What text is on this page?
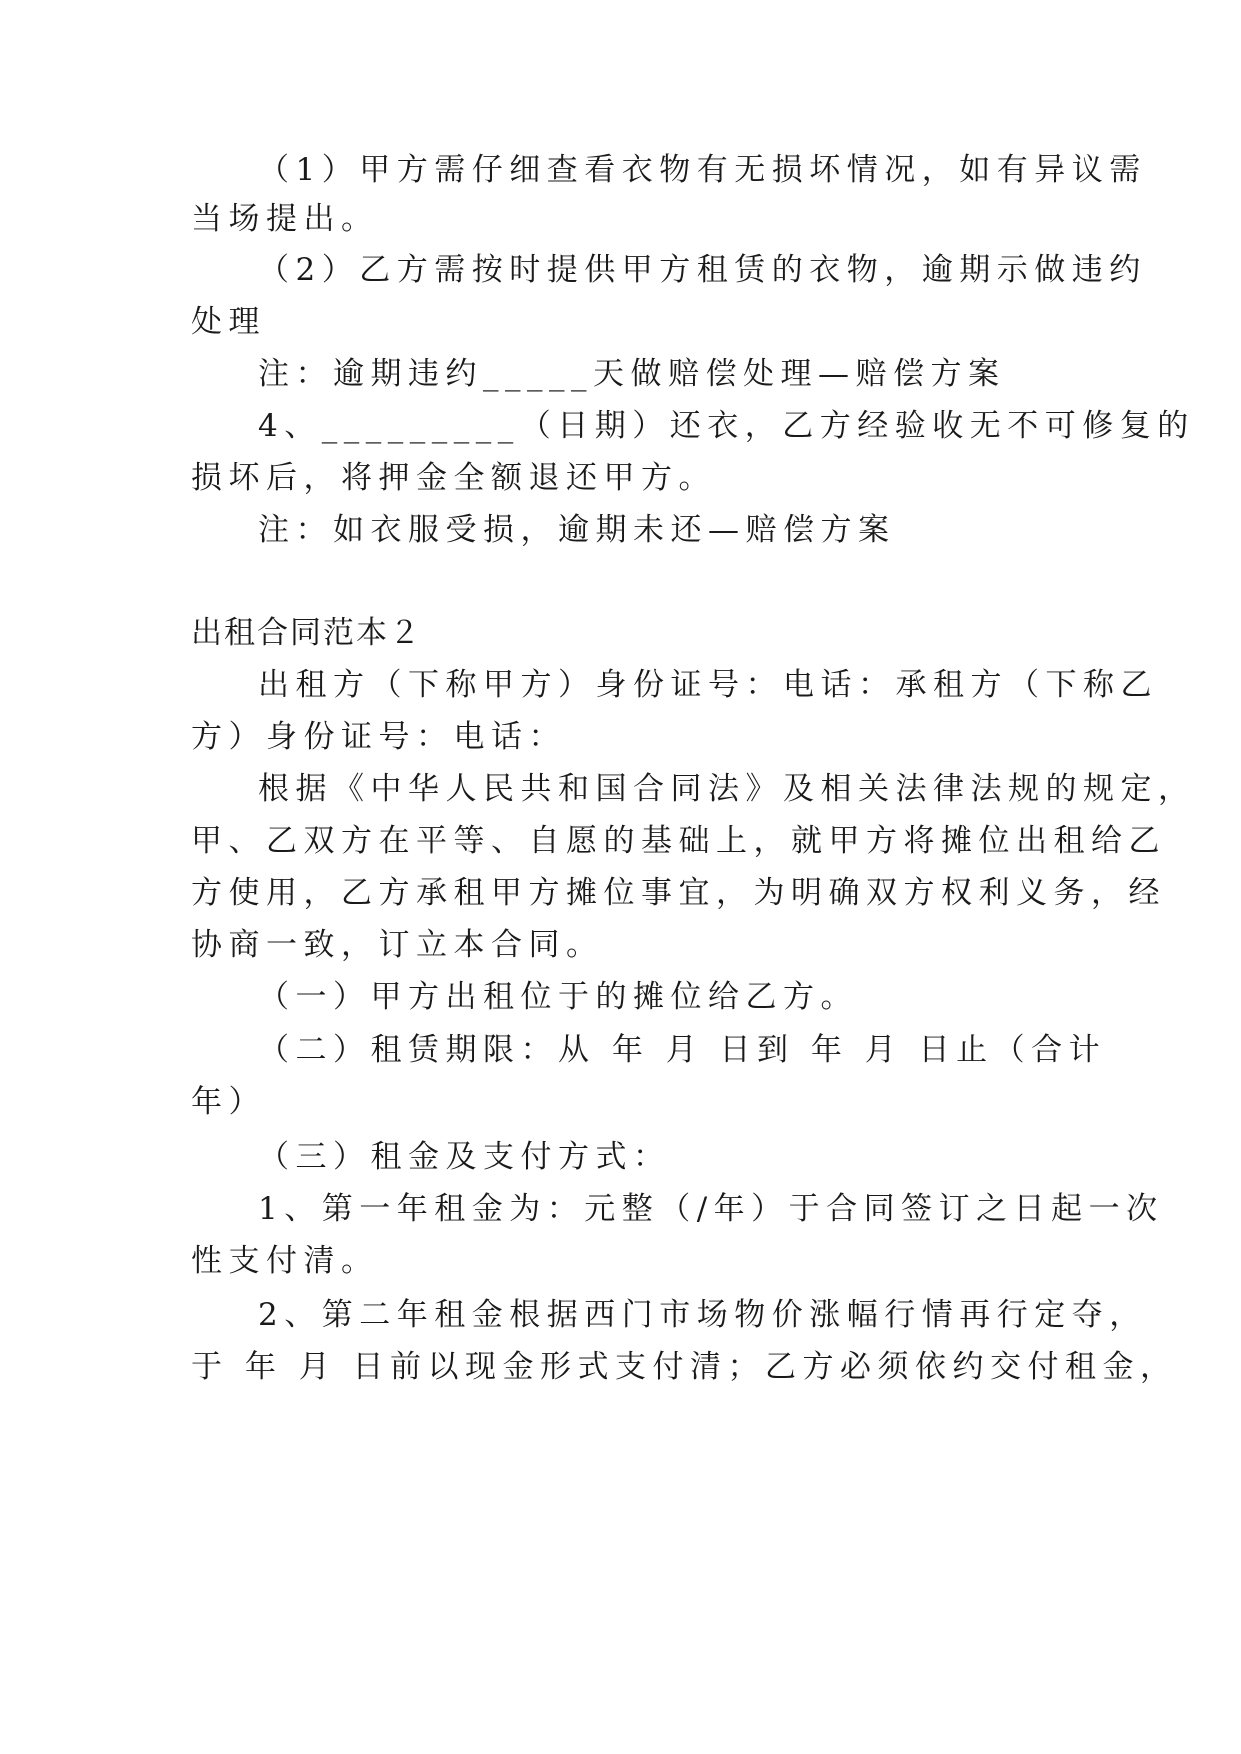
（1）甲方需仔细查看衣物有无损坏情况，如有异议需
当场提出。
（2）乙方需按时提供甲方租赁的衣物，逾期示做违约
处理
注：逾期违约_____天做赔偿处理—赔偿方案
4、_________（日期）还衣，乙方经验收无不可修复的
损坏后，将押金全额退还甲方。
注：如衣服受损，逾期未还—赔偿方案
出租合同范本２
出租方（下称甲方）身份证号：电话：承租方（下称乙
方）身份证号：电话：
根据《中华人民共和国合同法》及相关法律法规的规定，
甲、乙双方在平等、自愿的基础上，就甲方将摊位出租给乙
方使用，乙方承租甲方摊位事宜，为明确双方权利义务，经
协商一致，订立本合同。
（一）甲方出租位于的摊位给乙方。
（二）租赁期限：从 年 月 日到 年 月 日止（合计
年）
（三）租金及支付方式：
1、第一年租金为：元整（/年）于合同签订之日起一次
性支付清。
2、第二年租金根据西门市场物价涨幅行情再行定夺，
于 年 月 日前以现金形式支付清；乙方必须依约交付租金，
